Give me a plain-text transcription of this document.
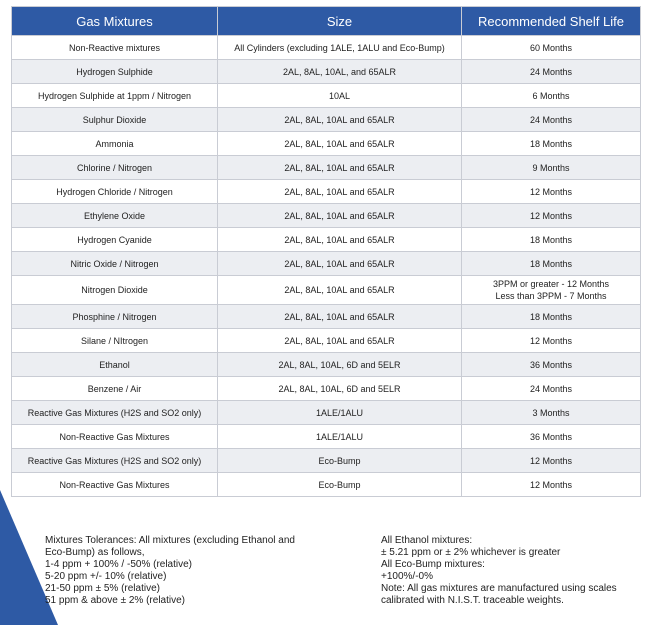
Gas Mixtures	Size	Recommended Shelf Life
Non-Reactive mixtures	All Cylinders (excluding 1ALE, 1ALU and Eco-Bump)	60 Months
Hydrogen Sulphide	2AL, 8AL, 10AL, and 65ALR	24 Months
Hydrogen Sulphide at 1ppm / Nitrogen	10AL	6 Months
Sulphur Dioxide	2AL, 8AL, 10AL and 65ALR	24 Months
Ammonia	2AL, 8AL, 10AL and 65ALR	18 Months
Chlorine / Nitrogen	2AL, 8AL, 10AL and 65ALR	9 Months
Hydrogen Chloride / Nitrogen	2AL, 8AL, 10AL and 65ALR	12 Months
Ethylene Oxide	2AL, 8AL, 10AL and 65ALR	12 Months
Hydrogen Cyanide	2AL, 8AL, 10AL and 65ALR	18 Months
Nitric Oxide / Nitrogen	2AL, 8AL, 10AL and 65ALR	18 Months
Nitrogen Dioxide	2AL, 8AL, 10AL and 65ALR	3PPM or greater - 12 Months
Less than 3PPM - 7 Months

Phosphine / Nitrogen	2AL, 8AL, 10AL and 65ALR	18 Months
Silane / NItrogen	2AL, 8AL, 10AL and 65ALR	12 Months
Ethanol	2AL, 8AL, 10AL, 6D and 5ELR	36 Months
Benzene / Air	2AL, 8AL, 10AL, 6D and 5ELR	24 Months
Reactive Gas Mixtures (H2S and SO2 only)	1ALE/1ALU	3 Months
Non-Reactive Gas Mixtures	1ALE/1ALU	36 Months
Reactive Gas Mixtures (H2S and SO2 only)	Eco-Bump	12 Months
Non-Reactive Gas Mixtures	Eco-Bump	12 Months
Mixtures Tolerances: All mixtures (excluding Ethanol and
Eco-Bump) as follows,
1-4 ppm + 100% / -50% (relative)
5-20 ppm +/- 10% (relative)
21-50 ppm ± 5% (relative)
51 ppm & above ± 2% (relative)
All Ethanol mixtures:
± 5.21 ppm or ± 2% whichever is greater
All Eco-Bump mixtures:
+100%/-0%
Note: All gas mixtures are manufactured using scales
calibrated with N.I.S.T. traceable weights.
